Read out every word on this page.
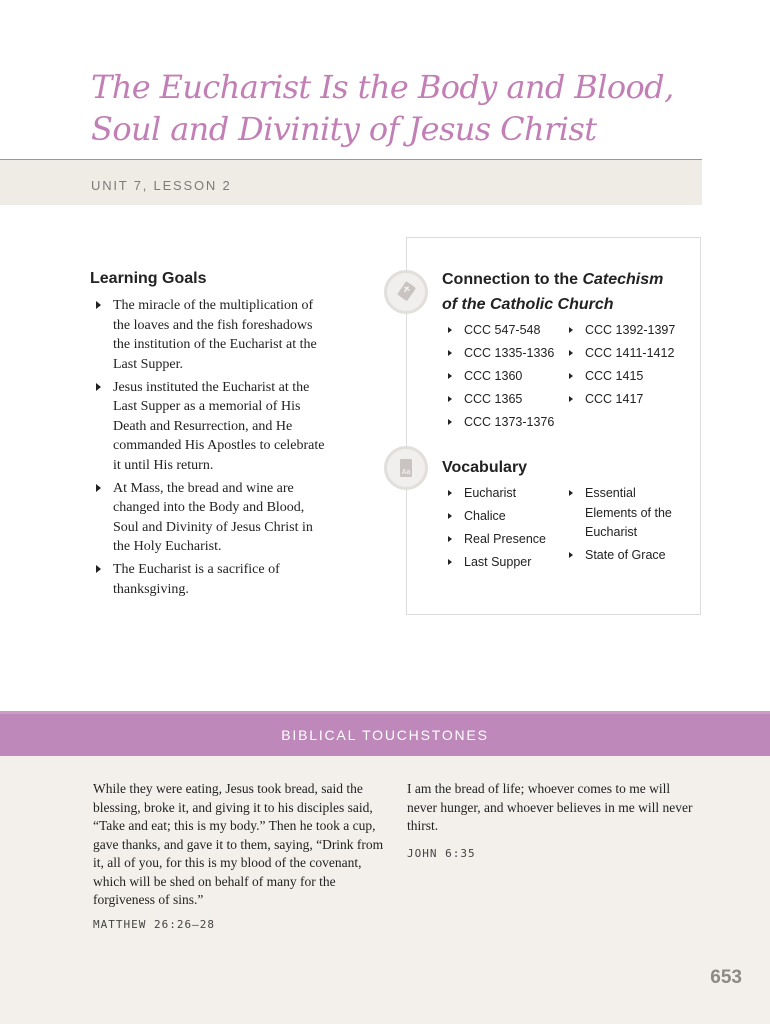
The Eucharist Is the Body and Blood,
Soul and Divinity of Jesus Christ
UNIT 7, LESSON 2
Learning Goals
The miracle of the multiplication of the loaves and the fish foreshadows the institution of the Eucharist at the Last Supper.
Jesus instituted the Eucharist at the Last Supper as a memorial of His Death and Resurrection, and He commanded His Apostles to celebrate it until His return.
At Mass, the bread and wine are changed into the Body and Blood, Soul and Divinity of Jesus Christ in the Holy Eucharist.
The Eucharist is a sacrifice of thanksgiving.
Connection to the Catechism
of the Catholic Church
CCC 547-548
CCC 1335-1336
CCC 1360
CCC 1365
CCC 1373-1376
CCC 1392-1397
CCC 1411-1412
CCC 1415
CCC 1417
Aa Vocabulary
Eucharist
Chalice
Real Presence
Last Supper
Essential Elements of the Eucharist
State of Grace
BIBLICAL TOUCHSTONES

While they were eating, Jesus took bread, said the blessing, broke it, and giving it to his disciples said, “Take and eat; this is my body.” Then he took a cup, gave thanks, and gave it to them, saying, “Drink from it, all of you, for this is my blood of the covenant, which will be shed on behalf of many for the forgiveness of sins.”

MATTHEW 26:26–28

I am the bread of life; whoever comes to me will never hunger, and whoever believes in me will never thirst.

JOHN 6:35
653
